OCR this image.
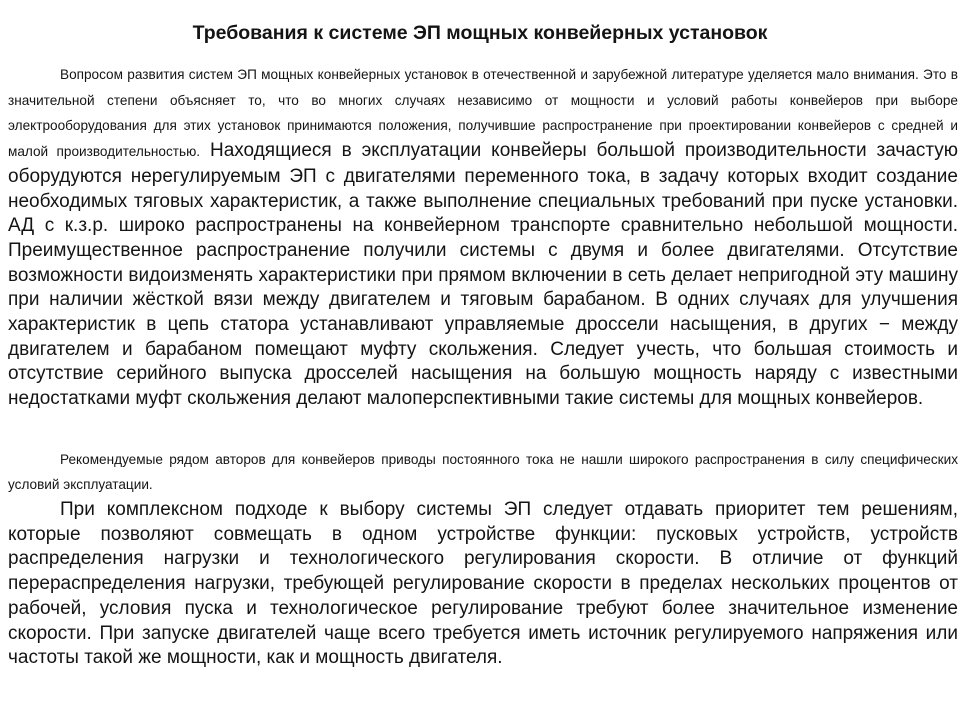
Требования к системе ЭП мощных конвейерных установок

Вопросом развития систем ЭП мощных конвейерных установок в отечественной и зарубежной литературе уделяется мало внимания. Это в значительной степени объясняет то, что во многих случаях независимо от мощности и условий работы конвейеров при выборе электрооборудования для этих установок принимаются положения, получившие распространение при проектировании конвейеров с средней и малой производительностью. Находящиеся в эксплуатации конвейеры большой производительности зачастую оборудуются нерегулируемым ЭП с двигателями переменного тока, в задачу которых входит создание необходимых тяговых характеристик, а также выполнение специальных требований при пуске установки. АД с к.з.р. широко распространены на конвейерном транспорте сравнительно небольшой мощности. Преимущественное распространение получили системы с двумя и более двигателями. Отсутствие возможности видоизменять характеристики при прямом включении в сеть делает непригодной эту машину при наличии жёсткой вязи между двигателем и тяговым барабаном. В одних случаях для улучшения характеристик в цепь статора устанавливают управляемые дроссели насыщения, в других − между двигателем и барабаном помещают муфту скольжения. Следует учесть, что большая стоимость и отсутствие серийного выпуска дросселей насыщения на большую мощность наряду с известными недостатками муфт скольжения делают малоперспективными такие системы для мощных конвейеров.

Рекомендуемые рядом авторов для конвейеров приводы постоянного тока не нашли широкого распространения в силу специфических условий эксплуатации.

При комплексном подходе к выбору системы ЭП следует отдавать приоритет тем решениям, которые позволяют совмещать в одном устройстве функции: пусковых устройств, устройств распределения нагрузки и технологического регулирования скорости. В отличие от функций перераспределения нагрузки, требующей регулирование скорости в пределах нескольких процентов от рабочей, условия пуска и технологическое регулирование требуют более значительное изменение скорости. При запуске двигателей чаще всего требуется иметь источник регулируемого напряжения или частоты такой же мощности, как и мощность двигателя.
